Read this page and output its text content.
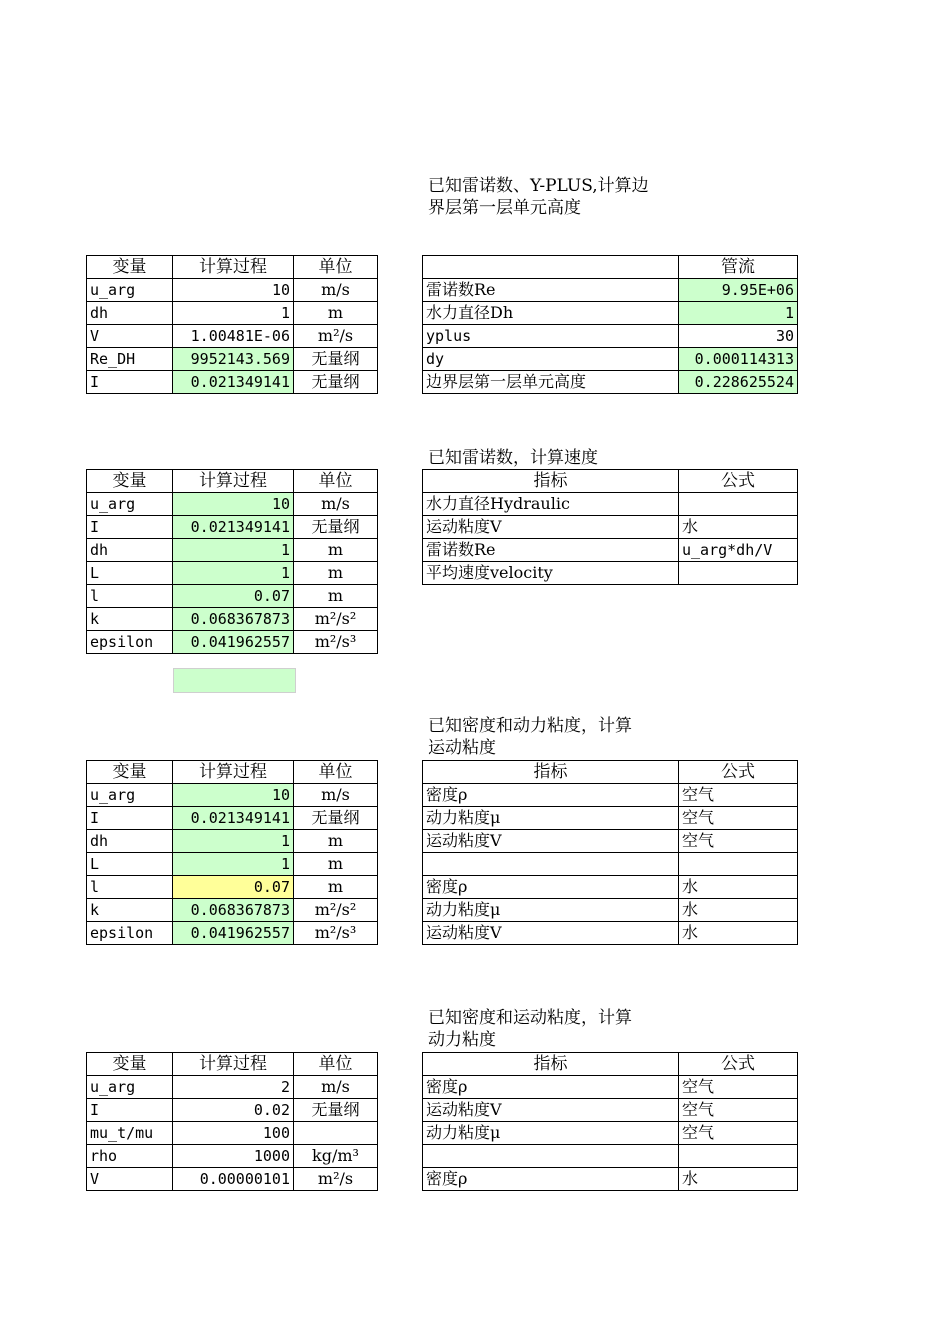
已知雷诺数、Y-PLUS,计算边
界层第一层单元高度
变量	计算过程	单位
u_arg	10	m/s
dh	1	m
V	1.00481E-06	m²/s
Re_DH	9952143.569	无量纲
I	0.021349141	无量纲
	管流
雷诺数Re	9.95E+06
水力直径Dh	1
yplus	30
dy	0.000114313
边界层第一层单元高度	0.228625524
已知雷诺数，计算速度
变量	计算过程	单位
u_arg	10	m/s
I	0.021349141	无量纲
dh	1	m
L	1	m
l	0.07	m
k	0.068367873	m²/s²
epsilon	0.041962557	m²/s³
指标	公式
水力直径Hydraulic	
运动粘度V	水
雷诺数Re	u_arg*dh/V
平均速度velocity	
已知密度和动力粘度，计算
运动粘度
变量	计算过程	单位
u_arg	10	m/s
I	0.021349141	无量纲
dh	1	m
L	1	m
l	0.07	m
k	0.068367873	m²/s²
epsilon	0.041962557	m²/s³
指标	公式
密度ρ	空气
动力粘度μ	空气
运动粘度V	空气

密度ρ	水
动力粘度μ	水
运动粘度V	水
已知密度和运动粘度，计算
动力粘度
变量	计算过程	单位
u_arg	2	m/s
I	0.02	无量纲
mu_t/mu	100	
rho	1000	kg/m³
V	0.00000101	m²/s
指标	公式
密度ρ	空气
运动粘度V	空气
动力粘度μ	空气

密度ρ	水
